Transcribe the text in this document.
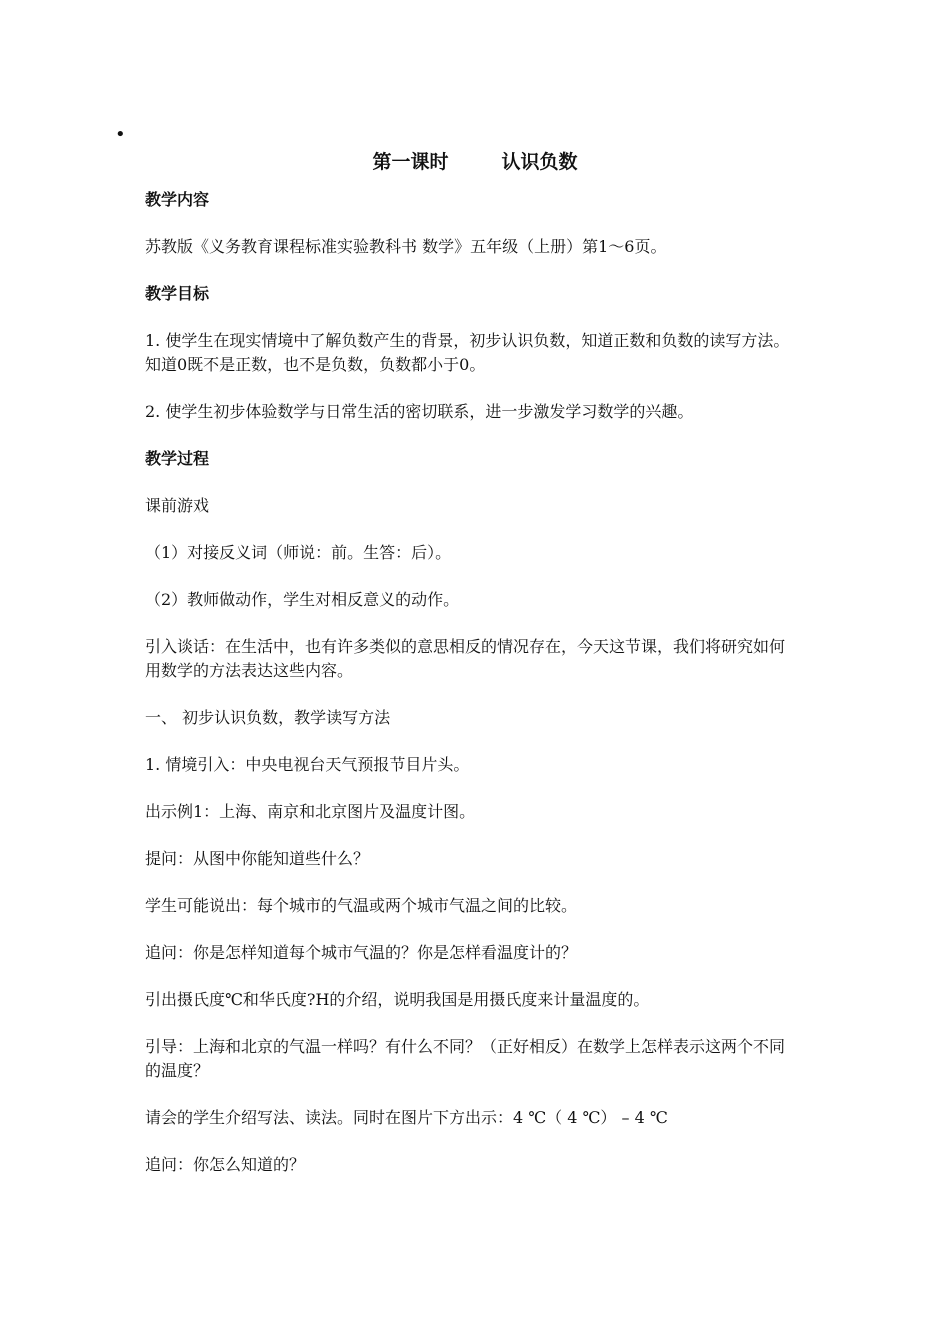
•
第一课时        认识负数
教学内容
苏教版《义务教育课程标准实验教科书 数学》五年级（上册）第1～6页。
教学目标
1. 使学生在现实情境中了解负数产生的背景，初步认识负数，知道正数和负数的读写方法。知道0既不是正数，也不是负数，负数都小于0。
2. 使学生初步体验数学与日常生活的密切联系，进一步激发学习数学的兴趣。
教学过程
课前游戏
（1）对接反义词（师说：前。生答：后）。
（2）教师做动作，学生对相反意义的动作。
引入谈话：在生活中，也有许多类似的意思相反的情况存在，今天这节课，我们将研究如何用数学的方法表达这些内容。
一、 初步认识负数，教学读写方法
1. 情境引入：中央电视台天气预报节目片头。
出示例1：上海、南京和北京图片及温度计图。
提问：从图中你能知道些什么？
学生可能说出：每个城市的气温或两个城市气温之间的比较。
追问：你是怎样知道每个城市气温的？你是怎样看温度计的？
引出摄氏度℃和华氏度?H的介绍，说明我国是用摄氏度来计量温度的。
引导：上海和北京的气温一样吗？有什么不同？（正好相反）在数学上怎样表示这两个不同的温度？
请会的学生介绍写法、读法。同时在图片下方出示：4 ℃（ 4 ℃） – 4 ℃
追问：你怎么知道的？
